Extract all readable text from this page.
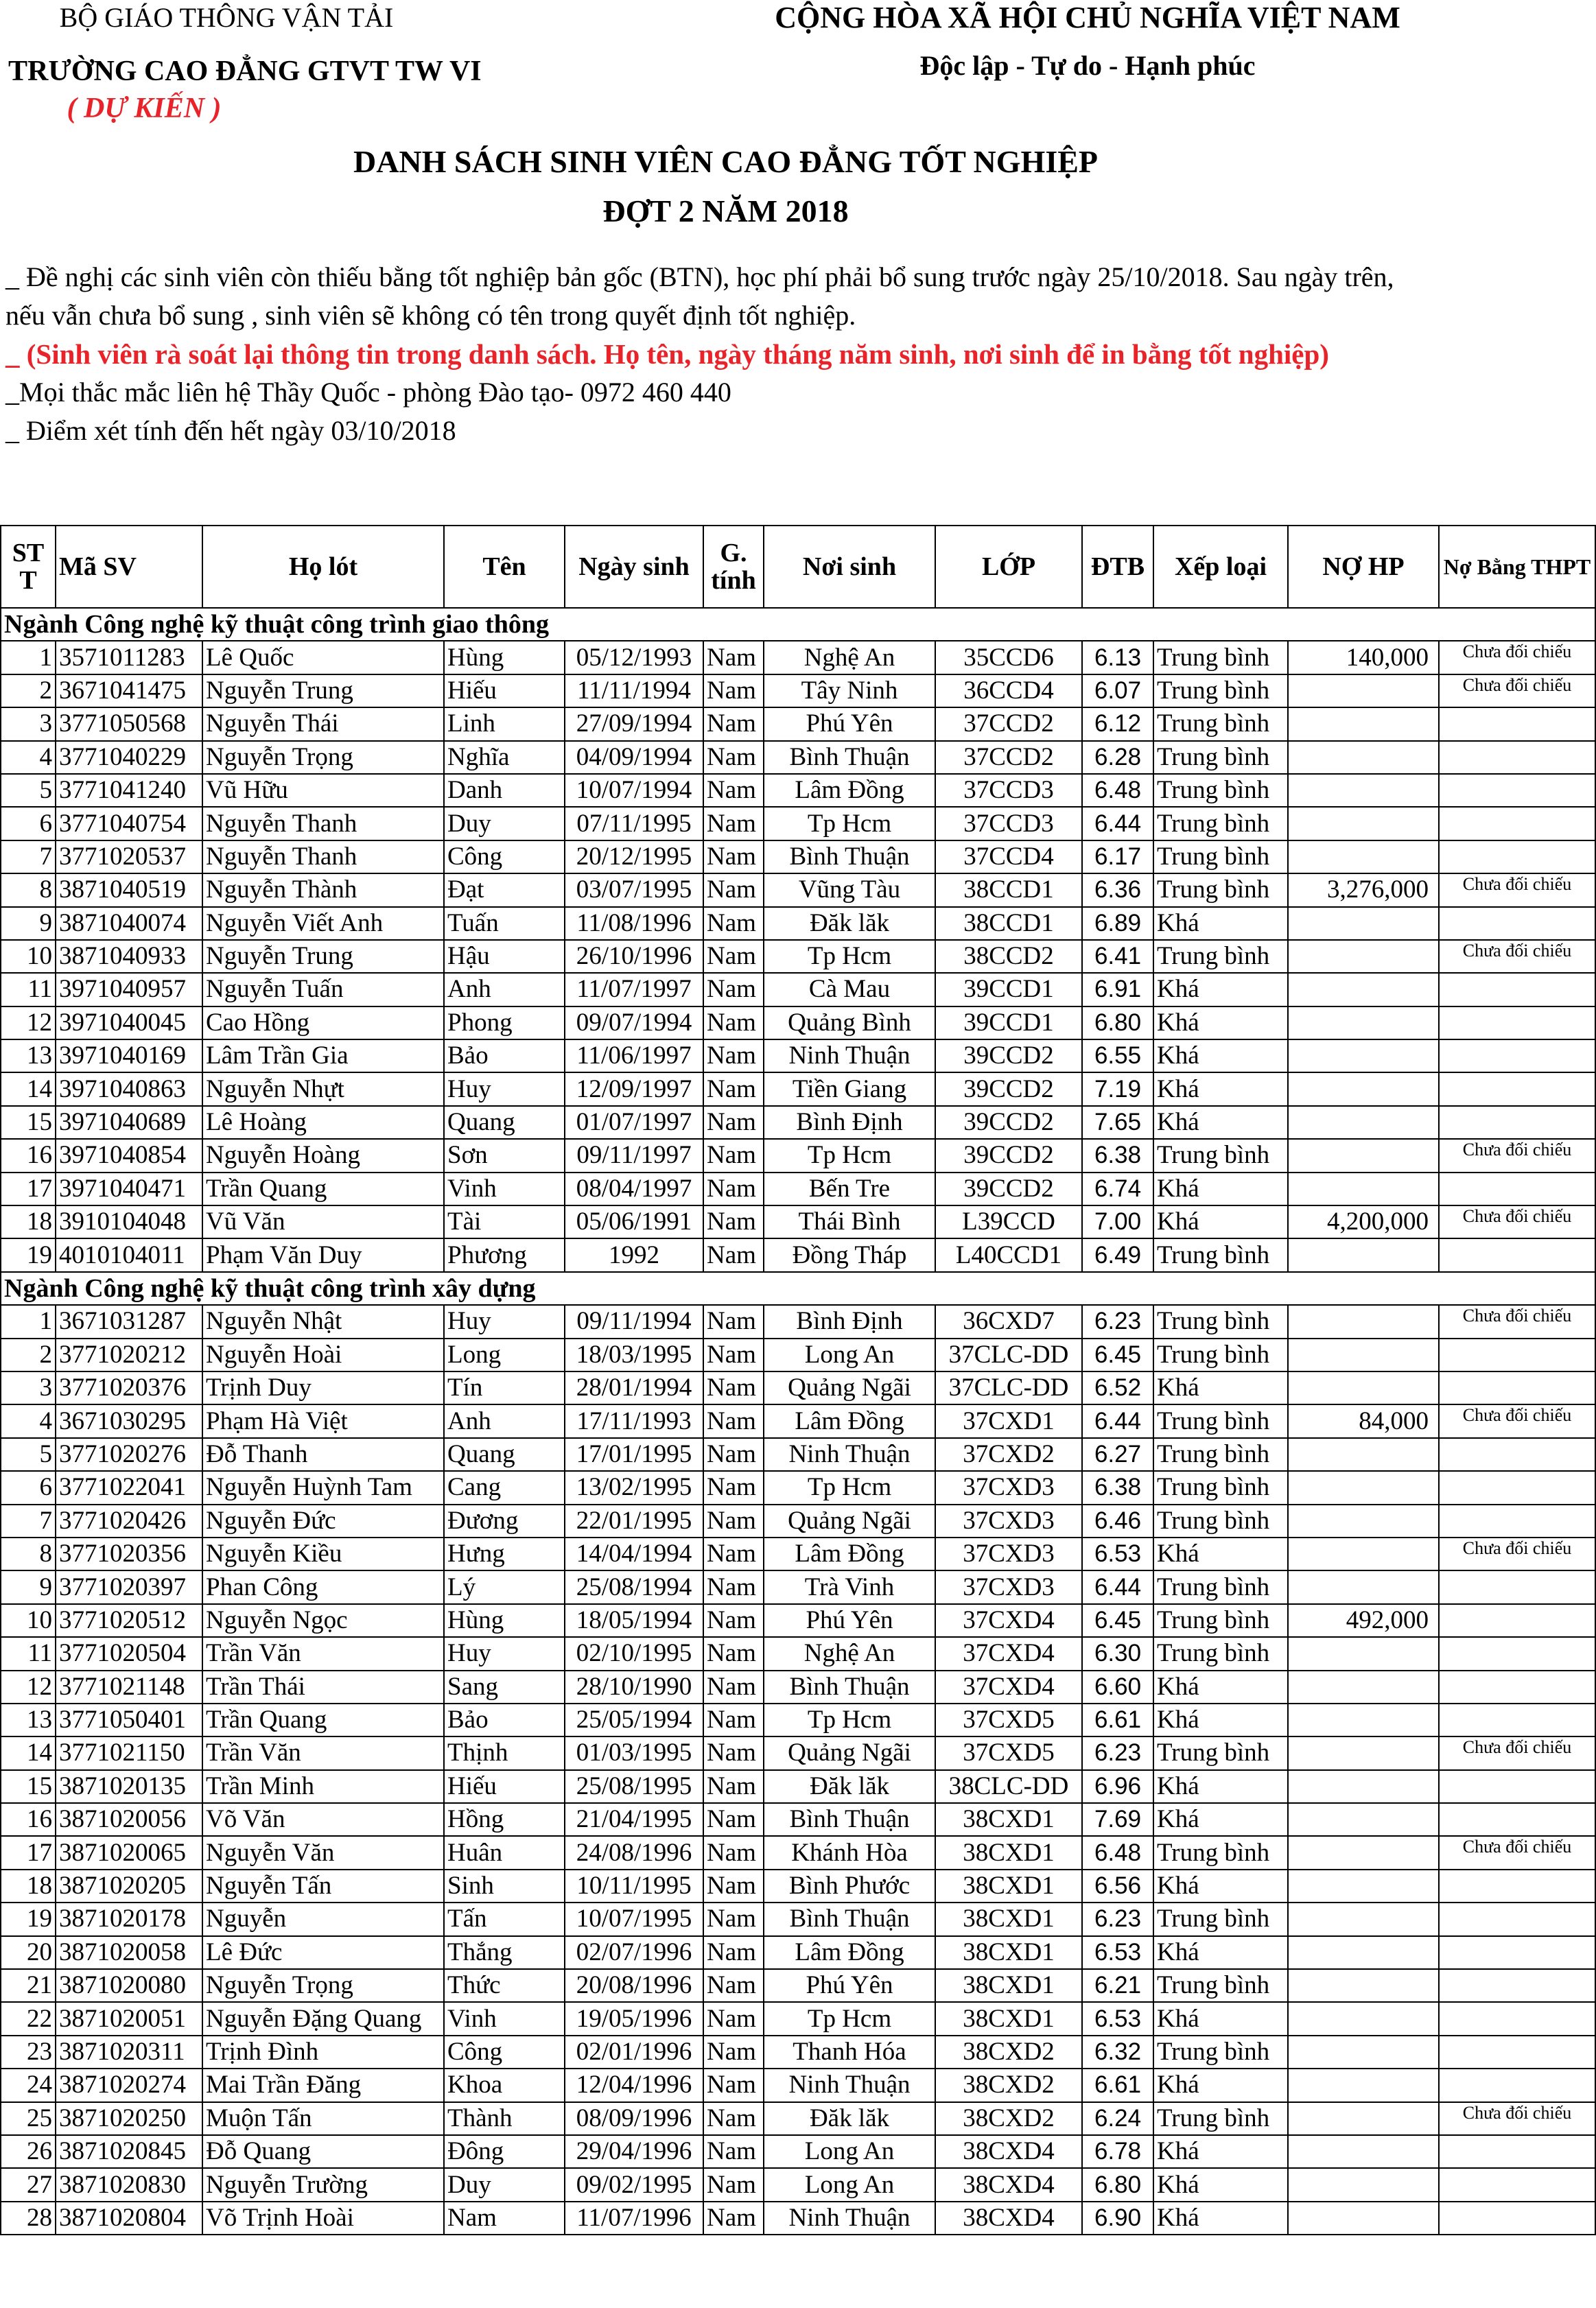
BỘ GIÁO THÔNG VẬN TẢI
TRƯỜNG CAO ĐẲNG GTVT TW VI
( DỰ KIẾN )
CỘNG HÒA XÃ HỘI CHỦ NGHĨA VIỆT NAM
Độc lập - Tự do - Hạnh phúc
DANH SÁCH SINH VIÊN CAO ĐẲNG TỐT NGHIỆP
ĐỢT 2 NĂM 2018
_ Đề nghị các sinh viên còn thiếu bằng tốt nghiệp bản gốc (BTN), học phí phải bổ sung trước ngày 25/10/2018. Sau ngày trên,
nếu vẫn chưa bổ sung , sinh viên sẽ không có tên trong quyết định tốt nghiệp.
_ (Sinh viên rà soát lại thông tin trong danh sách. Họ tên, ngày tháng năm sinh, nơi sinh để in bằng tốt nghiệp)
_Mọi thắc mắc liên hệ Thầy Quốc - phòng Đào tạo- 0972 460 440
_ Điểm xét tính đến hết ngày 03/10/2018
ST T	Mã SV	Họ lót	Tên	Ngày sinh	G. tính	Nơi sinh	LỚP	ĐTB	Xếp loại	NỢ HP	Nợ Bằng THPT
Ngành Công nghệ kỹ thuật công trình giao thông											
1	3571011283	Lê Quốc	Hùng	05/12/1993	Nam	Nghệ An	35CCD6	6.13	Trung bình	140,000	Chưa đối chiếu
2	3671041475	Nguyễn Trung	Hiếu	11/11/1994	Nam	Tây Ninh	36CCD4	6.07	Trung bình		Chưa đối chiếu
3	3771050568	Nguyễn Thái	Linh	27/09/1994	Nam	Phú Yên	37CCD2	6.12	Trung bình		
4	3771040229	Nguyễn Trọng	Nghĩa	04/09/1994	Nam	Bình Thuận	37CCD2	6.28	Trung bình		
5	3771041240	Vũ Hữu	Danh	10/07/1994	Nam	Lâm Đồng	37CCD3	6.48	Trung bình		
6	3771040754	Nguyễn Thanh	Duy	07/11/1995	Nam	Tp Hcm	37CCD3	6.44	Trung bình		
7	3771020537	Nguyễn Thanh	Công	20/12/1995	Nam	Bình Thuận	37CCD4	6.17	Trung bình		
8	3871040519	Nguyễn Thành	Đạt	03/07/1995	Nam	Vũng Tàu	38CCD1	6.36	Trung bình	3,276,000	Chưa đối chiếu
9	3871040074	Nguyễn Viết Anh	Tuấn	11/08/1996	Nam	Đăk lăk	38CCD1	6.89	Khá		
10	3871040933	Nguyễn Trung	Hậu	26/10/1996	Nam	Tp Hcm	38CCD2	6.41	Trung bình		Chưa đối chiếu
11	3971040957	Nguyễn Tuấn	Anh	11/07/1997	Nam	Cà Mau	39CCD1	6.91	Khá		
12	3971040045	Cao Hồng	Phong	09/07/1994	Nam	Quảng Bình	39CCD1	6.80	Khá		
13	3971040169	Lâm Trần Gia	Bảo	11/06/1997	Nam	Ninh Thuận	39CCD2	6.55	Khá		
14	3971040863	Nguyễn Nhựt	Huy	12/09/1997	Nam	Tiền Giang	39CCD2	7.19	Khá		
15	3971040689	Lê Hoàng	Quang	01/07/1997	Nam	Bình Định	39CCD2	7.65	Khá		
16	3971040854	Nguyễn Hoàng	Sơn	09/11/1997	Nam	Tp Hcm	39CCD2	6.38	Trung bình		Chưa đối chiếu
17	3971040471	Trần Quang	Vinh	08/04/1997	Nam	Bến Tre	39CCD2	6.74	Khá		
18	3910104048	Vũ Văn	Tài	05/06/1991	Nam	Thái Bình	L39CCD	7.00	Khá	4,200,000	Chưa đối chiếu
19	4010104011	Phạm Văn Duy	Phương	1992	Nam	Đồng Tháp	L40CCD1	6.49	Trung bình		
Ngành Công nghệ kỹ thuật công trình xây dựng											
1	3671031287	Nguyễn Nhật	Huy	09/11/1994	Nam	Bình Định	36CXD7	6.23	Trung bình		Chưa đối chiếu
2	3771020212	Nguyễn Hoài	Long	18/03/1995	Nam	Long An	37CLC-DD	6.45	Trung bình		
3	3771020376	Trịnh Duy	Tín	28/01/1994	Nam	Quảng Ngãi	37CLC-DD	6.52	Khá		
4	3671030295	Phạm Hà Việt	Anh	17/11/1993	Nam	Lâm Đồng	37CXD1	6.44	Trung bình	84,000	Chưa đối chiếu
5	3771020276	Đỗ Thanh	Quang	17/01/1995	Nam	Ninh Thuận	37CXD2	6.27	Trung bình		
6	3771022041	Nguyễn Huỳnh Tam	Cang	13/02/1995	Nam	Tp Hcm	37CXD3	6.38	Trung bình		
7	3771020426	Nguyễn Đức	Đương	22/01/1995	Nam	Quảng Ngãi	37CXD3	6.46	Trung bình		
8	3771020356	Nguyễn Kiều	Hưng	14/04/1994	Nam	Lâm Đồng	37CXD3	6.53	Khá		Chưa đối chiếu
9	3771020397	Phan Công	Lý	25/08/1994	Nam	Trà Vinh	37CXD3	6.44	Trung bình		
10	3771020512	Nguyễn Ngọc	Hùng	18/05/1994	Nam	Phú Yên	37CXD4	6.45	Trung bình	492,000	
11	3771020504	Trần Văn	Huy	02/10/1995	Nam	Nghệ An	37CXD4	6.30	Trung bình		
12	3771021148	Trần Thái	Sang	28/10/1990	Nam	Bình Thuận	37CXD4	6.60	Khá		
13	3771050401	Trần Quang	Bảo	25/05/1994	Nam	Tp Hcm	37CXD5	6.61	Khá		
14	3771021150	Trần Văn	Thịnh	01/03/1995	Nam	Quảng Ngãi	37CXD5	6.23	Trung bình		Chưa đối chiếu
15	3871020135	Trần Minh	Hiếu	25/08/1995	Nam	Đăk lăk	38CLC-DD	6.96	Khá		
16	3871020056	Võ Văn	Hồng	21/04/1995	Nam	Bình Thuận	38CXD1	7.69	Khá		
17	3871020065	Nguyễn Văn	Huân	24/08/1996	Nam	Khánh Hòa	38CXD1	6.48	Trung bình		Chưa đối chiếu
18	3871020205	Nguyễn Tấn	Sinh	10/11/1995	Nam	Bình Phước	38CXD1	6.56	Khá		
19	3871020178	Nguyễn	Tấn	10/07/1995	Nam	Bình Thuận	38CXD1	6.23	Trung bình		
20	3871020058	Lê Đức	Thắng	02/07/1996	Nam	Lâm Đồng	38CXD1	6.53	Khá		
21	3871020080	Nguyễn Trọng	Thức	20/08/1996	Nam	Phú Yên	38CXD1	6.21	Trung bình		
22	3871020051	Nguyễn Đặng Quang	Vinh	19/05/1996	Nam	Tp Hcm	38CXD1	6.53	Khá		
23	3871020311	Trịnh Đình	Công	02/01/1996	Nam	Thanh Hóa	38CXD2	6.32	Trung bình		
24	3871020274	Mai Trần Đăng	Khoa	12/04/1996	Nam	Ninh Thuận	38CXD2	6.61	Khá		
25	3871020250	Muộn Tấn	Thành	08/09/1996	Nam	Đăk lăk	38CXD2	6.24	Trung bình		Chưa đối chiếu
26	3871020845	Đỗ Quang	Đông	29/04/1996	Nam	Long An	38CXD4	6.78	Khá		
27	3871020830	Nguyễn Trường	Duy	09/02/1995	Nam	Long An	38CXD4	6.80	Khá		
28	3871020804	Võ Trịnh Hoài	Nam	11/07/1996	Nam	Ninh Thuận	38CXD4	6.90	Khá		
